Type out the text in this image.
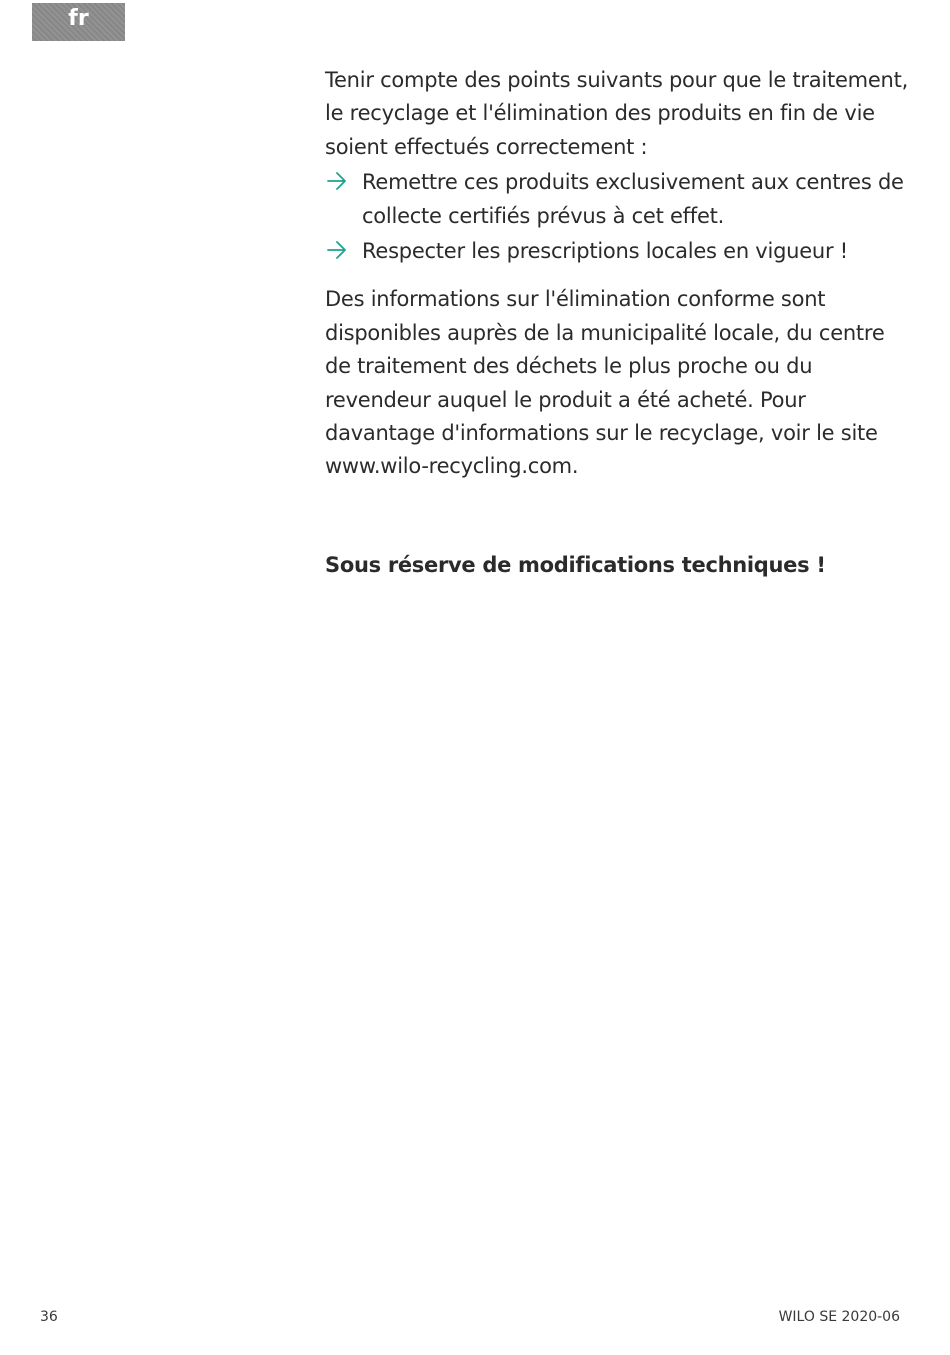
fr

Tenir compte des points suivants pour que le traitement, le recyclage et l'élimination des produits en fin de vie soient effectués correctement :

Remettre ces produits exclusivement aux centres de collecte certifiés prévus à cet effet.
Respecter les prescriptions locales en vigueur !

Des informations sur l'élimination conforme sont disponibles auprès de la municipalité locale, du centre de traitement des déchets le plus proche ou du revendeur auquel le produit a été acheté. Pour davantage d'informations sur le recyclage, voir le site www.wilo-recycling.com.

Sous réserve de modifications techniques !
36	WILO SE 2020-06
